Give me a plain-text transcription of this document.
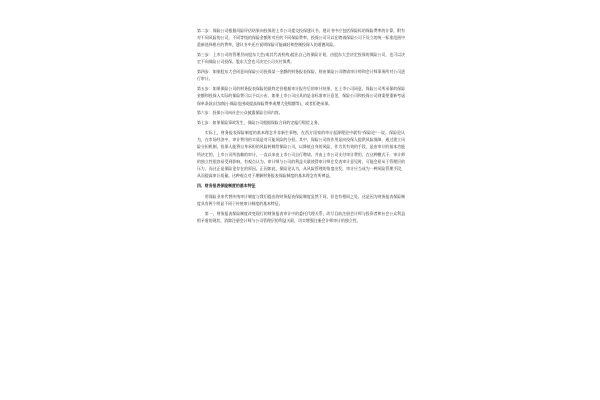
第二步：保险公司根据风险评估结果向投保的上市公司提交投保建议书，建议书中应包括保险标的保险费率的计算，附有对不同风险的公司，不同等级的保险金额所对应的不同保险费率。投保公司可以在聘请保险公司下设立的统一标准范围中重新选择相应的费率，建议书中还应说明保险可能减轻和控制投保人的道德风险。

第三步：上市公司的管理层向股东大会(或其代表机构)提出自己的保险计划，由股东大会决定投保的保险公司，也可以决定不向保险公司投保。股东大会也可决定公司支付保费。

第四步：如果股东大会同意向保险公司投保某一金额的财务报表保险，则由保险公司聘请审计师和会计师事务所对公司进行审计。

第五步：如果保险公司的财务报表保险的最终定价根据审计报告后的审计结果，在上市公司同意，保险公司所承保的保险金额和投保人实际的保险费可以予以公布，如果上市公司出具的是非标准审计意见，保险公司和投保公司则需要重新考虑保单条款(比如缩小保险范围或提高保险费率或增大免赔额等)，或者拒绝承保。

第六步：投保公司向社会公众披露保险合同内容。

第七步：如果保险事故发生，保险公司根据保险合同约定履行赔偿义务。

实际上，财务报表保险制度的基本理念并非新生事物，在西方国家的审计起源理论中就有"保险论"一说。保险论认为，在市场经济中，审计费用的实质是对可能风险的分担。其中，保险公司的作用是向投保人提供风险保障，通过建立风险分担机制，投保人能将自身承担的风险转嫁给保险公司，以降低自身的风险，作为其有效的手段，是由审计的基本功能所决定的，上市公司所依赖的审计，一直以来由上市公司自行聘请，并由上市公司支付审计费用，在这种模式下，审计师的独立性很容易受到影响。有观点认为，审计师与公司的利益关联使得审计师在发表审计意见时，可能会屈从于管理层的压力，而这正是保险论存在的原因。正因如此，保险论认为，从风险管理的角度出发，审计应当成为一种风险管理手段，从而提高审计质量。这种观点对于理解财务报表保险制度的基本理念有所裨益。

四、财务报表保险制度的基本特征

用保险业来代替传统审计制度与我们提出的财务报表保险制度虽然不同，但也有相同之处，这是因为财务报表保险制度具有两个明显不同于传统审计制度的基本特征。

第一，财务报表保险制度改变现行的财务报表审计中的委托代理关系，改写目前注册会计师与投资者和社会公众利益相矛盾的现状，消除注册会计师与公司管理层的利益关联，切实增强注册会计师审计的独立性。
